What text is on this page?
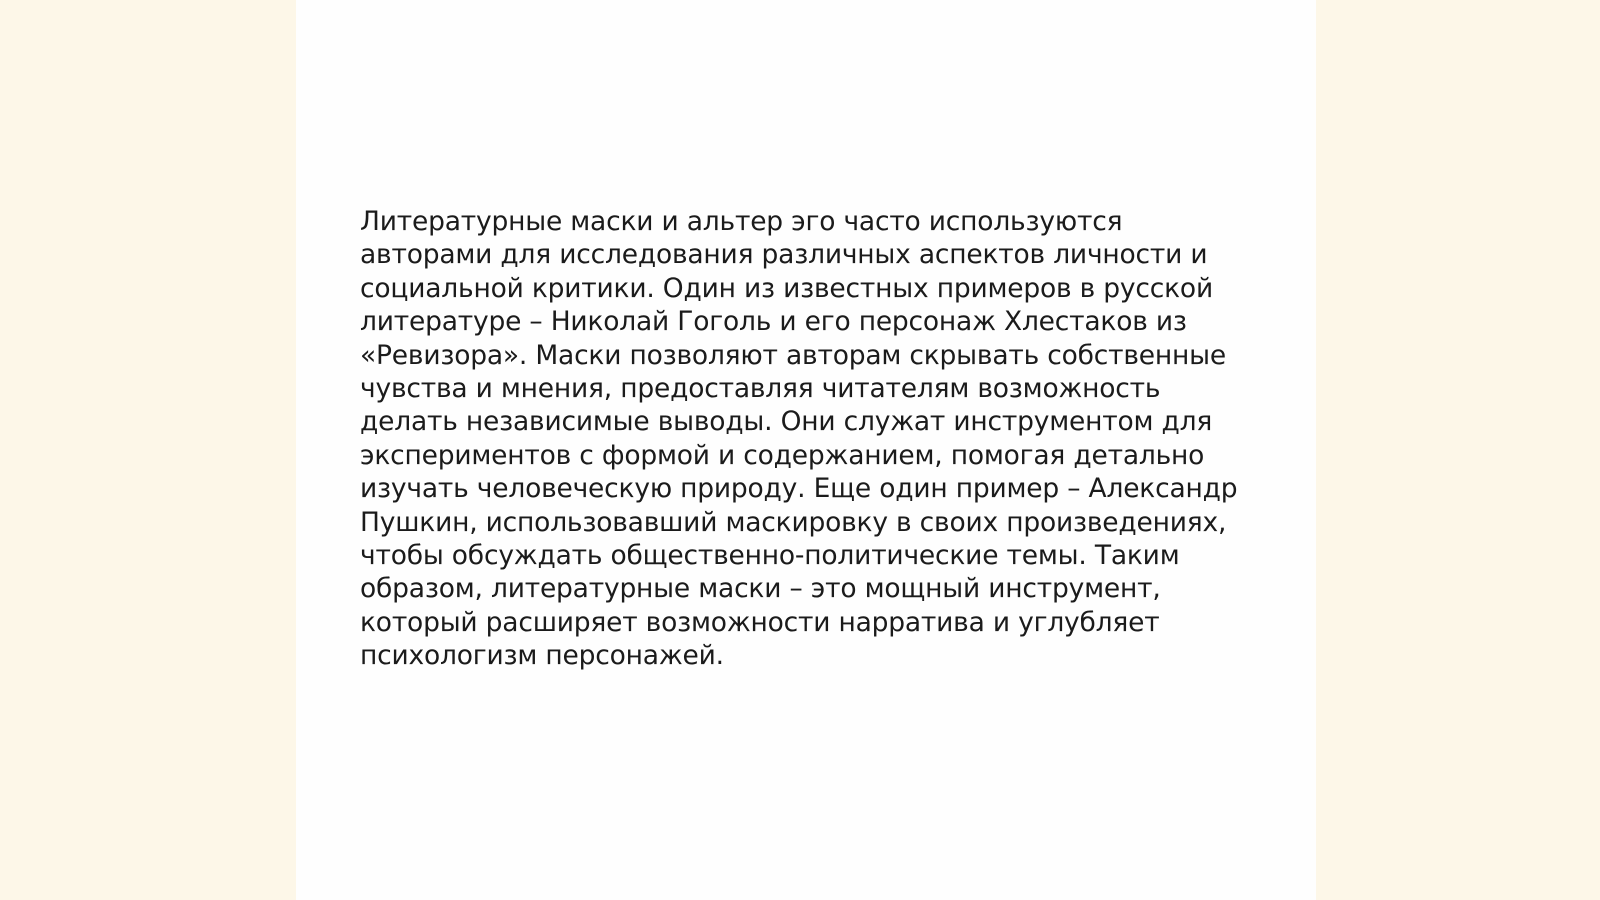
Литературные маски и альтер эго часто используются
авторами для исследования различных аспектов личности и
социальной критики. Один из известных примеров в русской
литературе – Николай Гоголь и его персонаж Хлестаков из
«Ревизора». Маски позволяют авторам скрывать собственные
чувства и мнения, предоставляя читателям возможность
делать независимые выводы. Они служат инструментом для
экспериментов с формой и содержанием, помогая детально
изучать человеческую природу. Еще один пример – Александр
Пушкин, использовавший маскировку в своих произведениях,
чтобы обсуждать общественно-политические темы. Таким
образом, литературные маски – это мощный инструмент,
который расширяет возможности нарратива и углубляет
психологизм персонажей.
